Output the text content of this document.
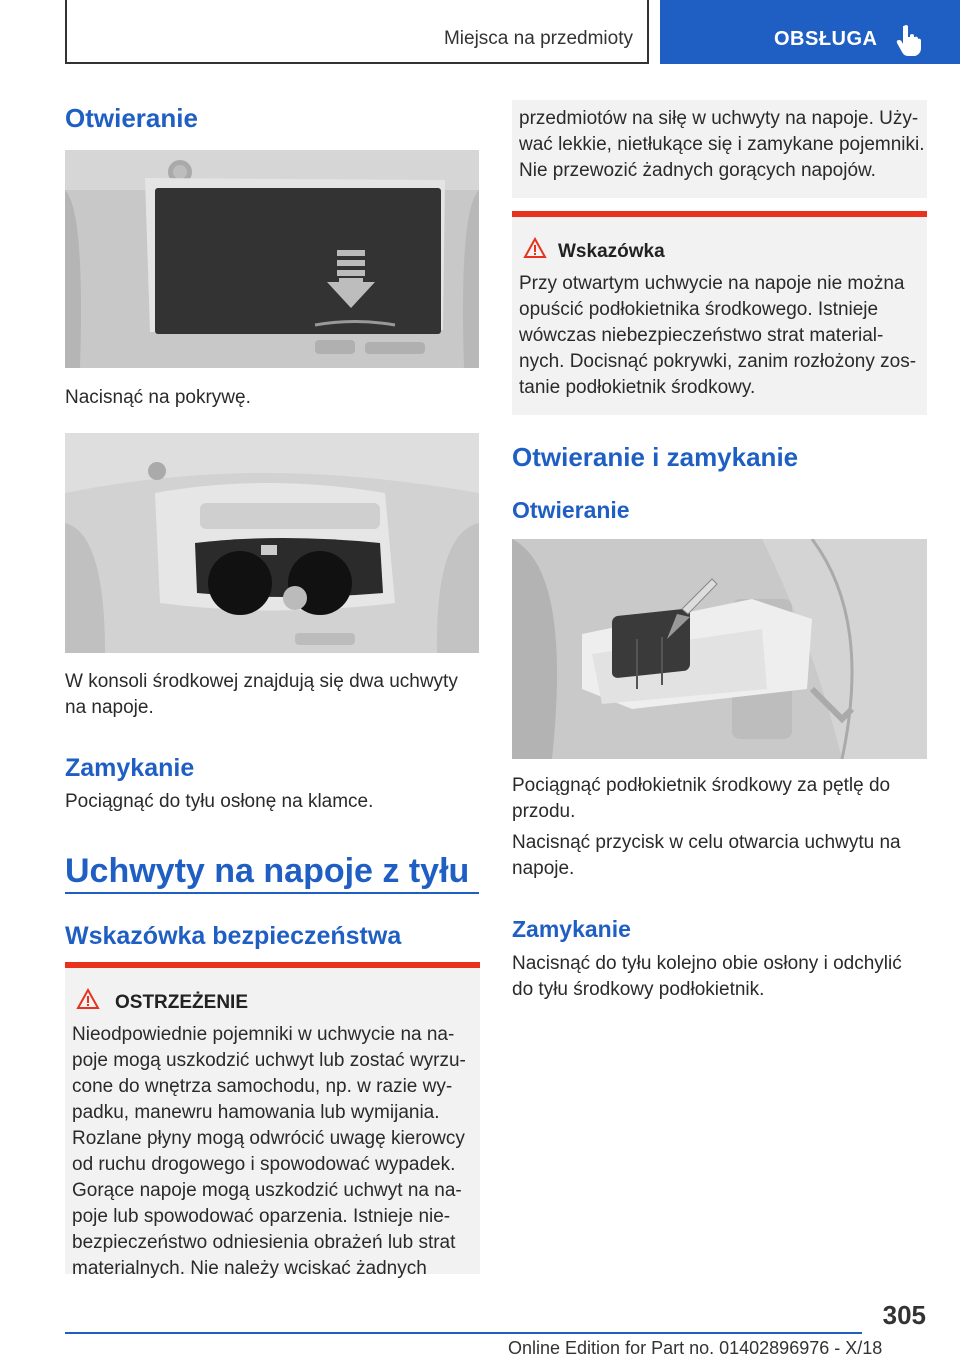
Miejsca na przedmioty	OBSŁUGA
Otwieranie
Nacisnąć na pokrywę.
W konsoli środkowej znajdują się dwa uchwyty
na napoje.
Zamykanie
Pociągnąć do tyłu osłonę na klamce.
Uchwyty na napoje z tyłu
Wskazówka bezpieczeństwa
OSTRZEŻENIE
Nieodpowiednie pojemniki w uchwycie na na-
poje mogą uszkodzić uchwyt lub zostać wyrzu-
cone do wnętrza samochodu, np. w razie wy-
padku, manewru hamowania lub wymijania.
Rozlane płyny mogą odwrócić uwagę kierowcy
od ruchu drogowego i spowodować wypadek.
Gorące napoje mogą uszkodzić uchwyt na na-
poje lub spowodować oparzenia. Istnieje nie-
bezpieczeństwo odniesienia obrażeń lub strat
materialnych. Nie należy wciskać żadnych
przedmiotów na siłę w uchwyty na napoje. Uży-
wać lekkie, nietłukące się i zamykane pojemniki.
Nie przewozić żadnych gorących napojów.
Wskazówka
Przy otwartym uchwycie na napoje nie można
opuścić podłokietnika środkowego. Istnieje
wówczas niebezpieczeństwo strat material-
nych. Docisnąć pokrywki, zanim rozłożony zos-
tanie podłokietnik środkowy.
Otwieranie i zamykanie
Otwieranie
Pociągnąć podłokietnik środkowy za pętlę do
przodu.
Nacisnąć przycisk w celu otwarcia uchwytu na
napoje.
Zamykanie
Nacisnąć do tyłu kolejno obie osłony i odchylić
do tyłu środkowy podłokietnik.
305
Online Edition for Part no. 01402896976 - X/18
